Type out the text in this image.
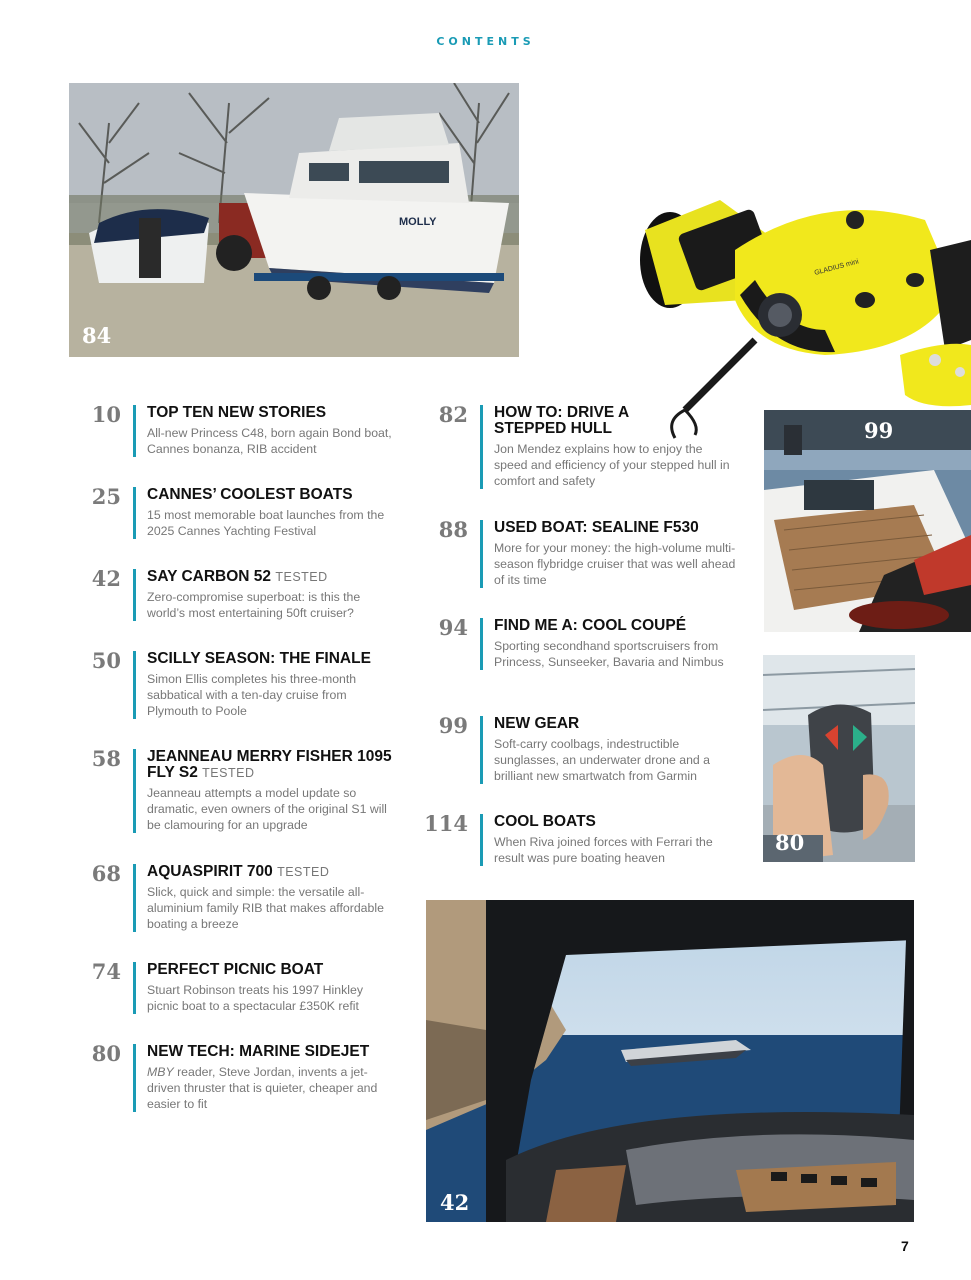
CONTENTS
MOLLY
84
GLADIUS mini
99
80
42
10 TOP TEN NEW STORIES
All-new Princess C48, born again Bond boat, Cannes bonanza, RIB accident
25 CANNES’ COOLEST BOATS
15 most memorable boat launches from the 2025 Cannes Yachting Festival
42 SAY CARBON 52 TESTED
Zero-compromise superboat: is this the world’s most entertaining 50ft cruiser?
50 SCILLY SEASON: THE FINALE
Simon Ellis completes his three-month sabbatical with a ten-day cruise from Plymouth to Poole
58 JEANNEAU MERRY FISHER 1095 FLY S2 TESTED
Jeanneau attempts a model update so dramatic, even owners of the original S1 will be clamouring for an upgrade
68 AQUASPIRIT 700 TESTED
Slick, quick and simple: the versatile all-aluminium family RIB that makes affordable boating a breeze
74 PERFECT PICNIC BOAT
Stuart Robinson treats his 1997 Hinkley picnic boat to a spectacular £350K refit
80 NEW TECH: MARINE SIDEJET
MBY reader, Steve Jordan, invents a jet-driven thruster that is quieter, cheaper and easier to fit
82 HOW TO: DRIVE A STEPPED HULL
Jon Mendez explains how to enjoy the speed and efficiency of your stepped hull in comfort and safety
88 USED BOAT: SEALINE F530
More for your money: the high-volume multi-season flybridge cruiser that was well ahead of its time
94 FIND ME A: COOL COUPÉ
Sporting secondhand sportscruisers from Princess, Sunseeker, Bavaria and Nimbus
99 NEW GEAR
Soft-carry coolbags, indestructible sunglasses, an underwater drone and a brilliant new smartwatch from Garmin
114 COOL BOATS
When Riva joined forces with Ferrari the result was pure boating heaven
7
